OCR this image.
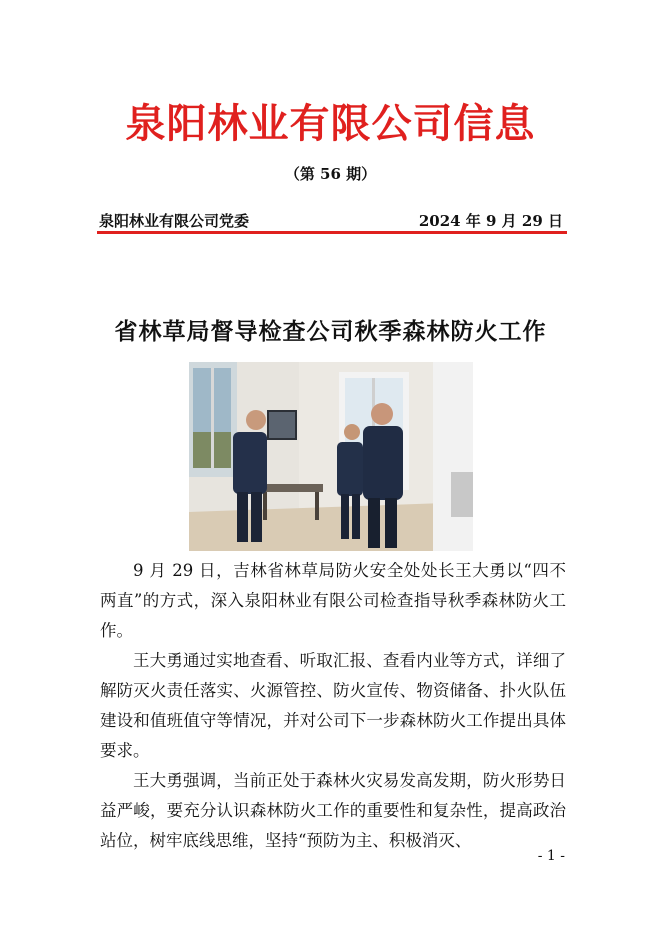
泉阳林业有限公司信息
（第 56 期）
泉阳林业有限公司党委	2024 年 9 月 29 日
省林草局督导检查公司秋季森林防火工作

9 月 29 日，吉林省林草局防火安全处处长王大勇以“四不两直”的方式，深入泉阳林业有限公司检查指导秋季森林防火工作。

王大勇通过实地查看、听取汇报、查看内业等方式，详细了解防灭火责任落实、火源管控、防火宣传、物资储备、扑火队伍建设和值班值守等情况，并对公司下一步森林防火工作提出具体要求。

王大勇强调，当前正处于森林火灾易发高发期，防火形势日益严峻，要充分认识森林防火工作的重要性和复杂性，提高政治站位，树牢底线思维，坚持“预防为主、积极消灭、

- 1 -
